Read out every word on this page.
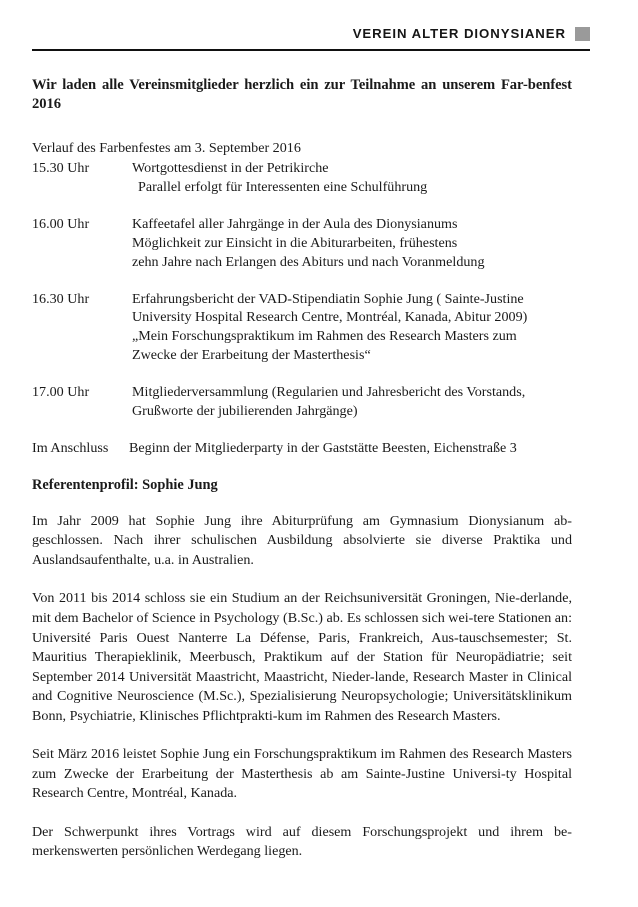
VEREIN ALTER DIONYSIANER

Wir laden alle Vereinsmitglieder herzlich ein zur Teilnahme an unserem Far-benfest 2016

Verlauf des Farbenfestes am 3. September 2016
15.30 Uhr	Wortgottesdienst in der Petrikirche
Parallel erfolgt für Interessenten eine Schulführung
16.00 Uhr	Kaffeetafel aller Jahrgänge in der Aula des Dionysianums
Möglichkeit zur Einsicht in die Abiturarbeiten, frühestens
zehn Jahre nach Erlangen des Abiturs und nach Voranmeldung
16.30 Uhr	Erfahrungsbericht der VAD-Stipendiatin Sophie Jung ( Sainte-Justine
University Hospital Research Centre, Montréal, Kanada, Abitur 2009)
„Mein Forschungspraktikum im Rahmen des Research Masters zum
Zwecke der Erarbeitung der Masterthesis“
17.00 Uhr	Mitgliederversammlung (Regularien und Jahresbericht des Vorstands,
Grußworte der jubilierenden Jahrgänge)
Im Anschluss	Beginn der Mitgliederparty in der Gaststätte Beesten, Eichenstraße 3
Referentenprofil: Sophie Jung

Im Jahr 2009 hat Sophie Jung ihre Abiturprüfung am Gymnasium Dionysianum ab-geschlossen. Nach ihrer schulischen Ausbildung absolvierte sie diverse Praktika und Auslandsaufenthalte, u.a. in Australien.

Von 2011 bis 2014 schloss sie ein Studium an der Reichsuniversität Groningen, Nie-derlande, mit dem Bachelor of Science in Psychology (B.Sc.) ab. Es schlossen sich wei-tere Stationen an: Université Paris Ouest Nanterre La Défense, Paris, Frankreich, Aus-tauschsemester; St. Mauritius Therapieklinik, Meerbusch, Praktikum auf der Station für Neuropädiatrie; seit September 2014 Universität Maastricht, Maastricht, Nieder-lande, Research Master in Clinical and Cognitive Neuroscience (M.Sc.), Spezialisierung Neuropsychologie; Universitätsklinikum Bonn, Psychiatrie, Klinisches Pflichtprakti-kum im Rahmen des Research Masters.

Seit März 2016 leistet Sophie Jung ein Forschungspraktikum im Rahmen des Research Masters zum Zwecke der Erarbeitung der Masterthesis ab am Sainte-Justine Universi-ty Hospital Research Centre, Montréal, Kanada.

Der Schwerpunkt ihres Vortrags wird auf diesem Forschungsprojekt und ihrem be-merkenswerten persönlichen Werdegang liegen.
